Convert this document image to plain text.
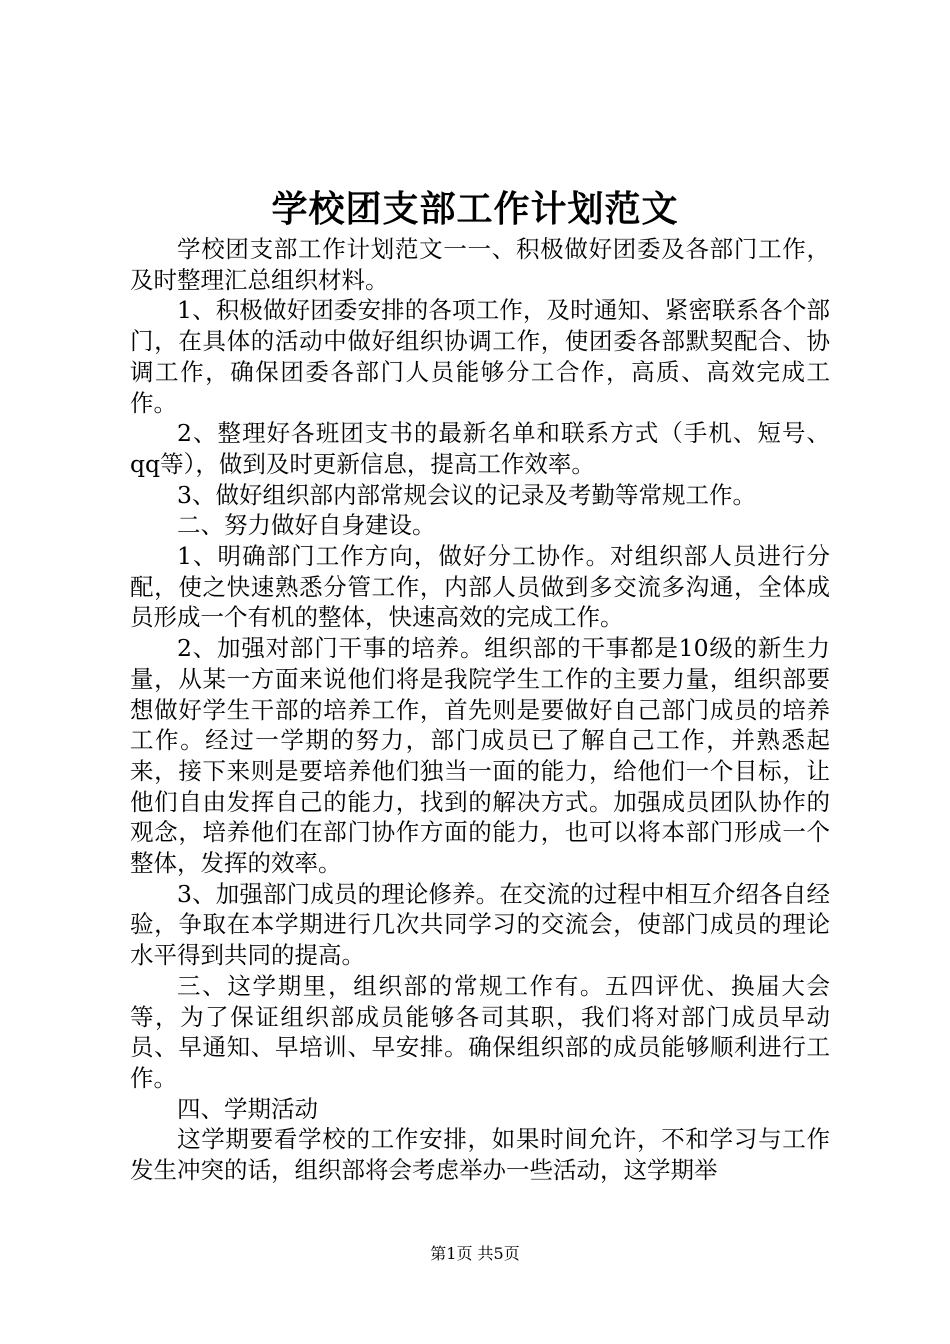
学校团支部工作计划范文

学校团支部工作计划范文一一、积极做好团委及各部门工作，及时整理汇总组织材料。

1、积极做好团委安排的各项工作，及时通知、紧密联系各个部门，在具体的活动中做好组织协调工作，使团委各部默契配合、协调工作，确保团委各部门人员能够分工合作，高质、高效完成工作。

2、整理好各班团支书的最新名单和联系方式（手机、短号、qq等），做到及时更新信息，提高工作效率。

3、做好组织部内部常规会议的记录及考勤等常规工作。

二、努力做好自身建设。

1、明确部门工作方向，做好分工协作。对组织部人员进行分配，使之快速熟悉分管工作，内部人员做到多交流多沟通，全体成员形成一个有机的整体，快速高效的完成工作。

2、加强对部门干事的培养。组织部的干事都是10级的新生力量，从某一方面来说他们将是我院学生工作的主要力量，组织部要想做好学生干部的培养工作，首先则是要做好自己部门成员的培养工作。经过一学期的努力，部门成员已了解自己工作，并熟悉起来，接下来则是要培养他们独当一面的能力，给他们一个目标，让他们自由发挥自己的能力，找到的解决方式。加强成员团队协作的观念，培养他们在部门协作方面的能力，也可以将本部门形成一个整体，发挥的效率。

3、加强部门成员的理论修养。在交流的过程中相互介绍各自经验，争取在本学期进行几次共同学习的交流会，使部门成员的理论水平得到共同的提高。

三、这学期里，组织部的常规工作有。五四评优、换届大会等，为了保证组织部成员能够各司其职，我们将对部门成员早动员、早通知、早培训、早安排。确保组织部的成员能够顺利进行工作。

四、学期活动

这学期要看学校的工作安排，如果时间允许，不和学习与工作发生冲突的话，组织部将会考虑举办一些活动，这学期举

第1页 共5页
